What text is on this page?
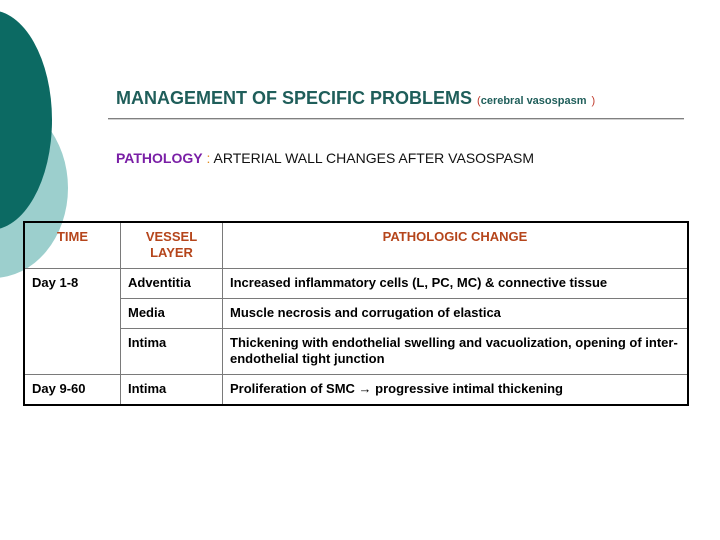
MANAGEMENT OF SPECIFIC PROBLEMS (cerebral vasospasm )
PATHOLOGY : ARTERIAL WALL CHANGES AFTER VASOSPASM
TIME	VESSEL LAYER	PATHOLOGIC CHANGE
Day 1-8	Adventitia	Increased inflammatory cells (L, PC, MC) & connective tissue
	Media	Muscle necrosis and corrugation of elastica
	Intima	Thickening with endothelial swelling and vacuolization, opening of inter-endothelial tight junction
Day 9-60	Intima	Proliferation of SMC → progressive intimal thickening
